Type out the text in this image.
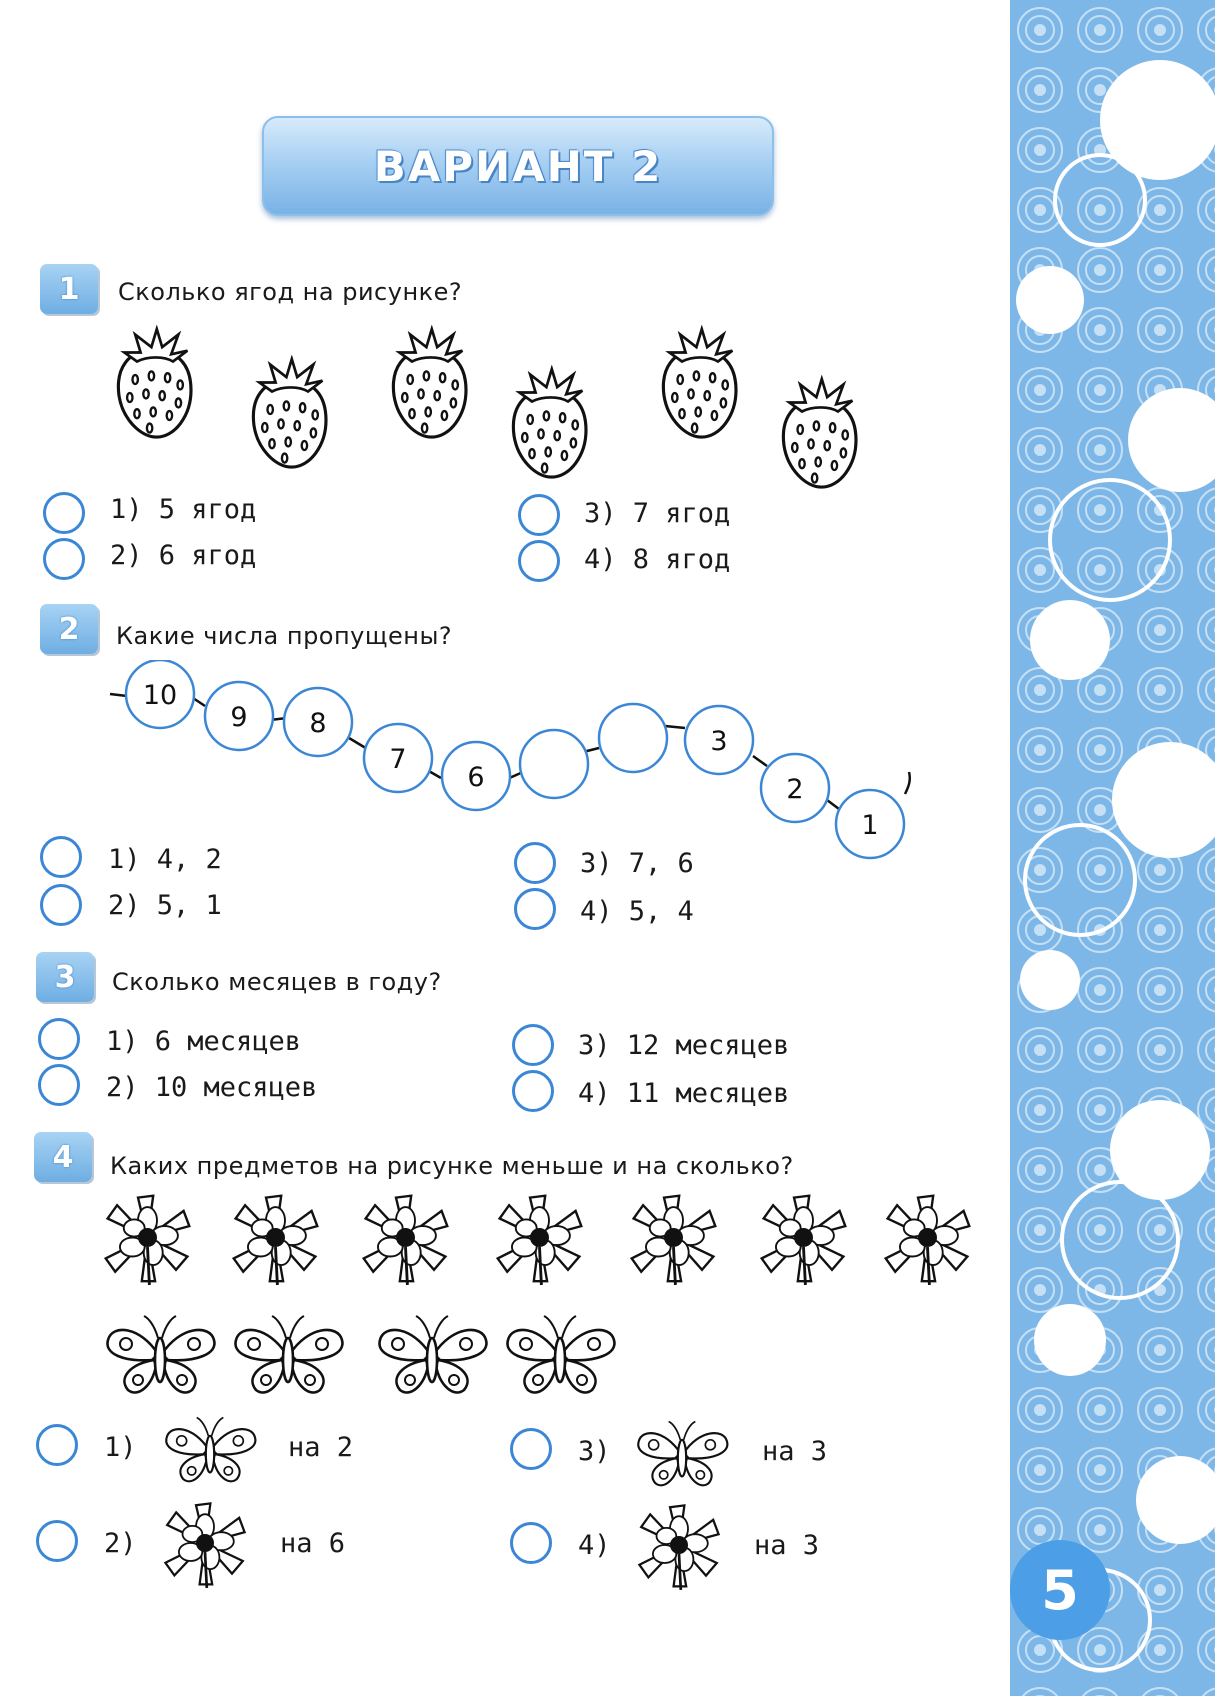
ВАРИАНТ 2
1	Сколько ягод на рисунке?
1) 5 ягод
2) 6 ягод
3) 7 ягод
4) 8 ягод
2	Какие числа пропущены?
10
9 8
7
6
3
2
1
1) 4, 2
2) 5, 1
3) 7, 6
4) 5, 4
3	Сколько месяцев в году?
1) 6 месяцев
2) 10 месяцев
3) 12 месяцев
4) 11 месяцев
4	Каких предметов на рисунке меньше и на сколько?
1)	на 2
2)	на 6
3)	на 3
4)	на 3
5
